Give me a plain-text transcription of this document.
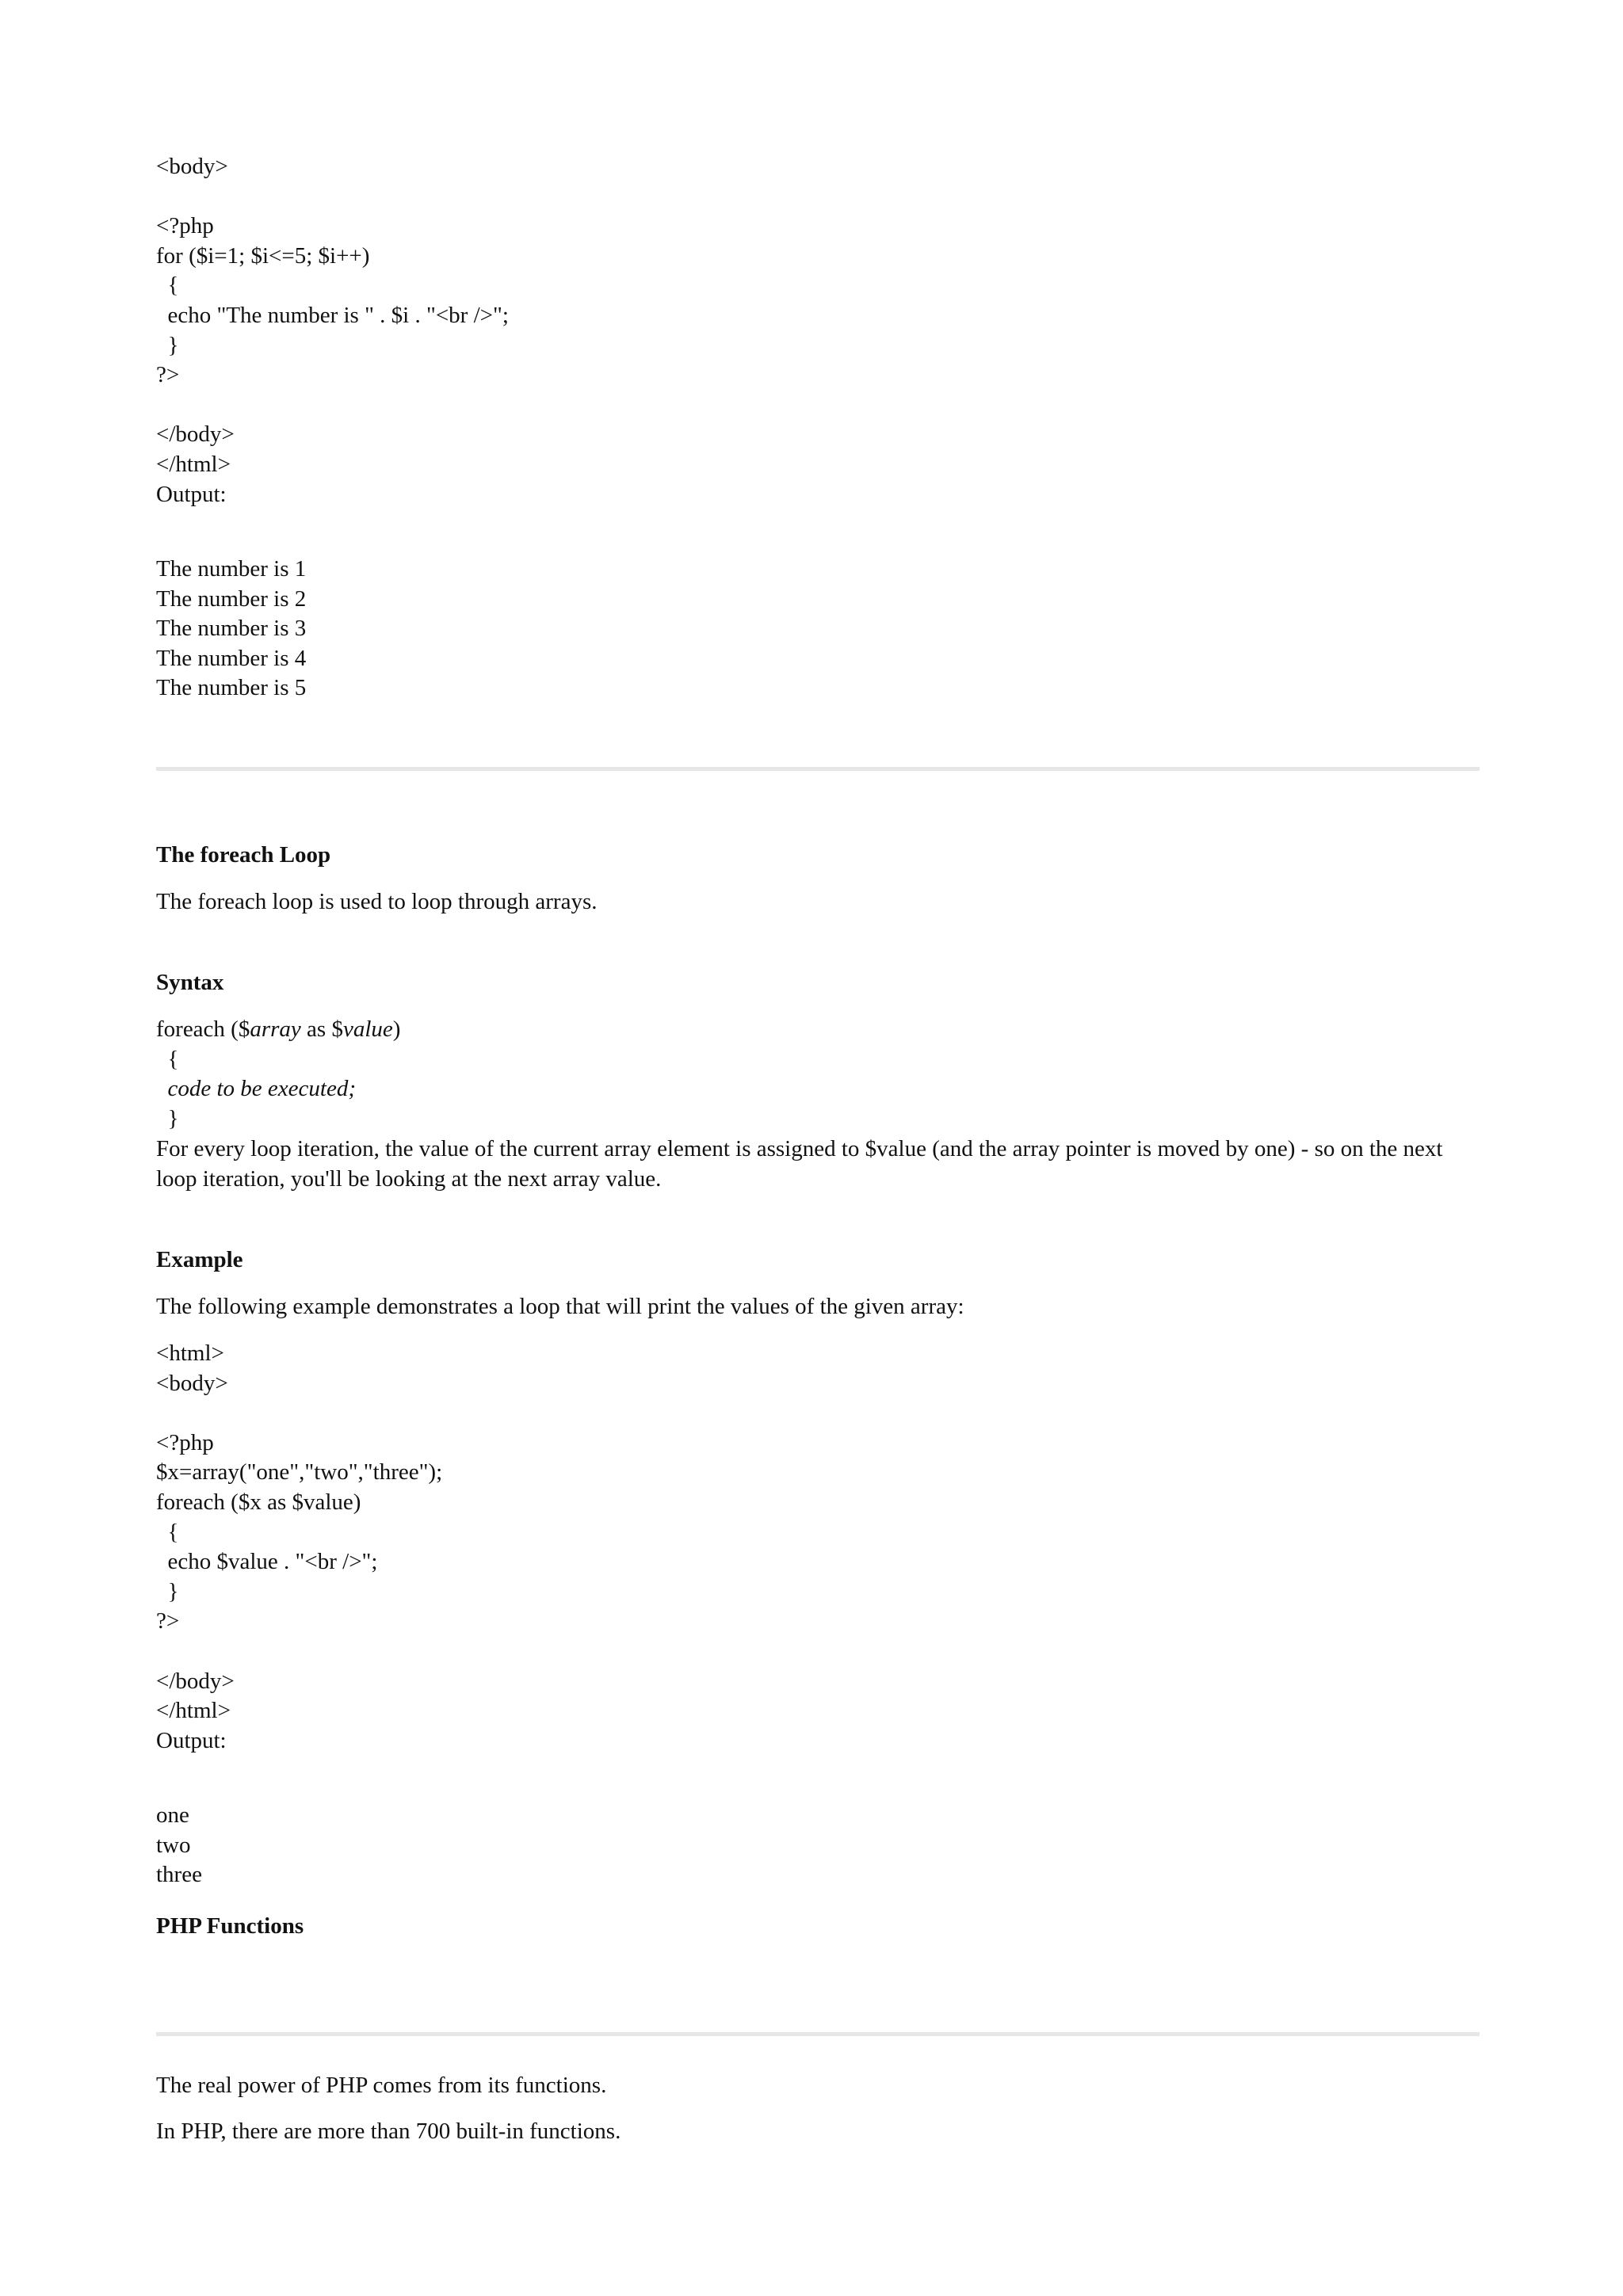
<body>
<?php
for ($i=1; $i<=5; $i++)
{
echo "The number is " . $i . "<br />";
}
?>
</body>
</html>
Output:
The number is 1
The number is 2
The number is 3
The number is 4
The number is 5
The foreach Loop
The foreach loop is used to loop through arrays.
Syntax
foreach ($array as $value)
{
code to be executed;
}
For every loop iteration, the value of the current array element is assigned to $value (and the array pointer is moved by one) - so on the next loop iteration, you'll be looking at the next array value.
Example
The following example demonstrates a loop that will print the values of the given array:
<html>
<body>
<?php
$x=array("one","two","three");
foreach ($x as $value)
{
echo $value . "<br />";
}
?>
</body>
</html>
Output:
one
two
three
PHP Functions
The real power of PHP comes from its functions.
In PHP, there are more than 700 built-in functions.
